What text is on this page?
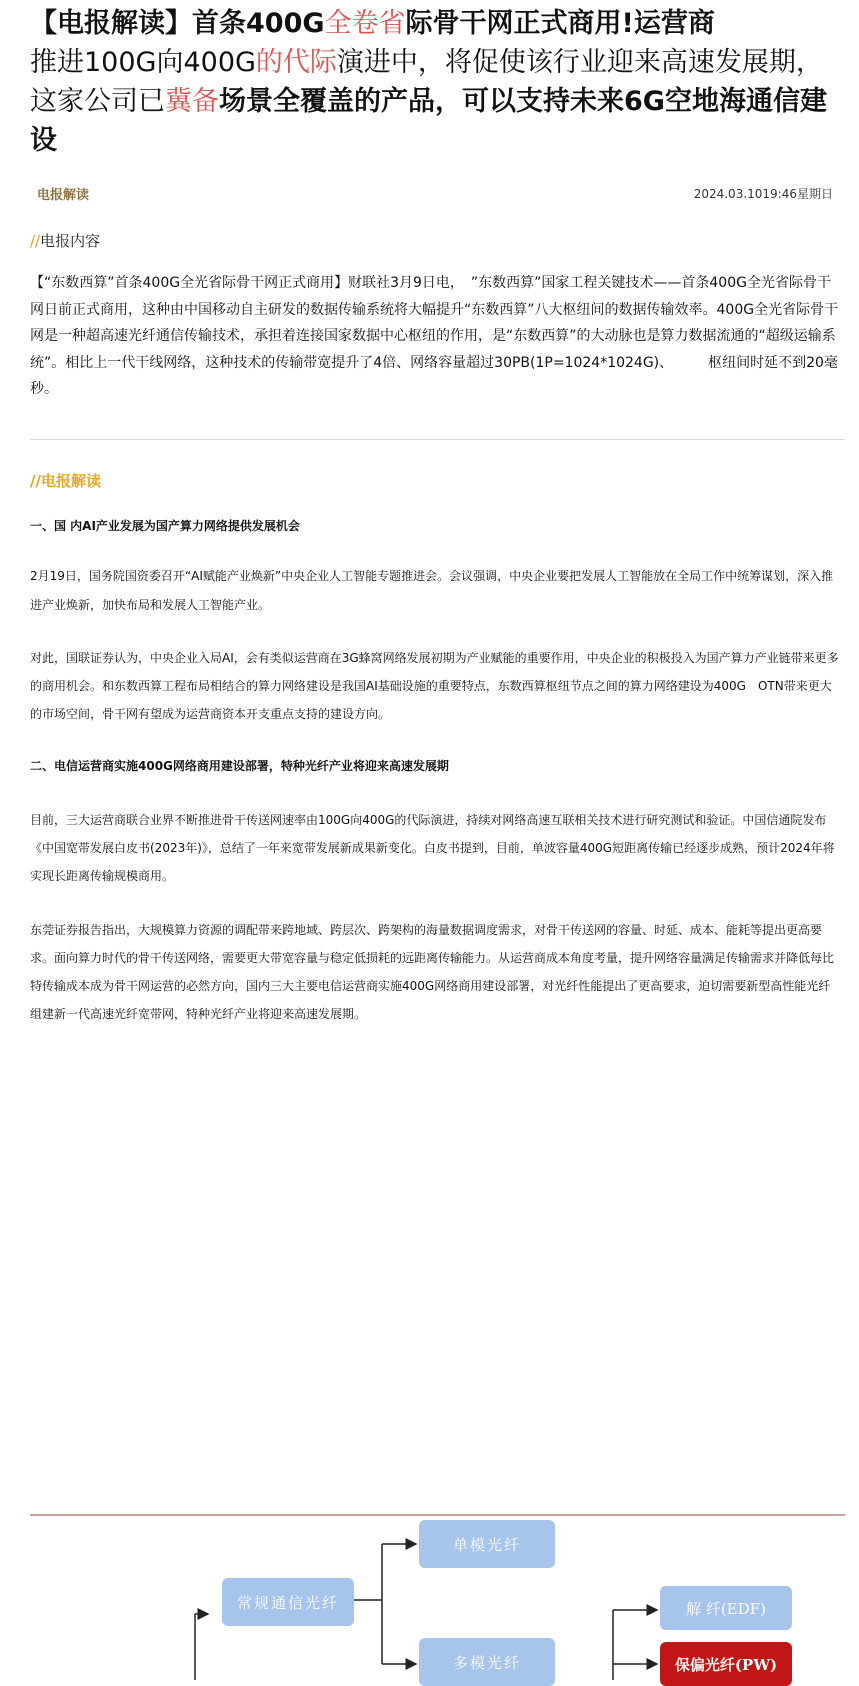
【电报解读】首条400G全卷省际骨干网正式商用!运营商
推进100G向400G的代际演进中，将促使该行业迎来高速发展期，这家公司已冀备场景全覆盖的产品，可以支持未来6G空地海通信建设
电报解读	2024.03.1019:46星期日
//电报内容

【“东数西算”首条400G全光省际骨干网正式商用】财联社3月9日电，　”东数西算”国家工程关键技术——首条400G全光省际骨干网日前正式商用，这种由中国移动自主研发的数据传输系统将大幅提升“东数西算”八大枢纽间的数据传输效率。400G全光省际骨干网是一种超高速光纤通信传输技术，承担着连接国家数据中心枢纽的作用，是“东数西算”的大动脉也是算力数据流通的“超级运输系统”。相比上一代干线网络，这种技术的传输带宽提升了4倍、网络容量超过30PB(1P=1024*1024G)、　　　枢纽间时延不到20毫秒。

//电报解读

一、国 内AI产业发展为国产算力网络提供发展机会

2月19日，国务院国资委召开“AI赋能产业焕新”中央企业人工智能专题推进会。会议强调，中央企业要把发展人工智能放在全局工作中统筹谋划，深入推进产业焕新，加快布局和发展人工智能产业。

对此，国联证券认为，中央企业入局AI，会有类似运营商在3G蜂窝网络发展初期为产业赋能的重要作用，中央企业的积极投入为国产算力产业链带来更多的商用机会。和东数西算工程布局相结合的算力网络建设是我国AI基础设施的重要特点，东数西算枢纽节点之间的算力网络建设为400G　OTN带来更大的市场空间，骨干网有望成为运营商资本开支重点支持的建设方向。

二、电信运营商实施400G网络商用建设部署，特种光纤产业将迎来高速发展期

目前，三大运营商联合业界不断推进骨干传送网速率由100G向400G的代际演进，持续对网络高速互联相关技术进行研究测试和验证。中国信通院发布《中国宽带发展白皮书(2023年)》，总结了一年来宽带发展新成果新变化。白皮书提到，目前，单波容量400G短距离传输已经逐步成熟，预计2024年将实现长距离传输规模商用。

东莞证券报告指出，大规模算力资源的调配带来跨地域、跨层次、跨架构的海量数据调度需求，对骨干传送网的容量、时延、成本、能耗等提出更高要求。面向算力时代的骨干传送网络，需要更大带宽容量与稳定低损耗的远距离传输能力。从运营商成本角度考量，提升网络容量满足传输需求并降低每比特传输成本成为骨干网运营的必然方向，国内三大主要电信运营商实施400G网络商用建设部署，对光纤性能提出了更高要求，迫切需要新型高性能光纤组建新一代高速光纤宽带网，特种光纤产业将迎来高速发展期。

常规通信光纤
单模光纤
多模光纤
解 纤(EDF)
保偏光纤(PW)
